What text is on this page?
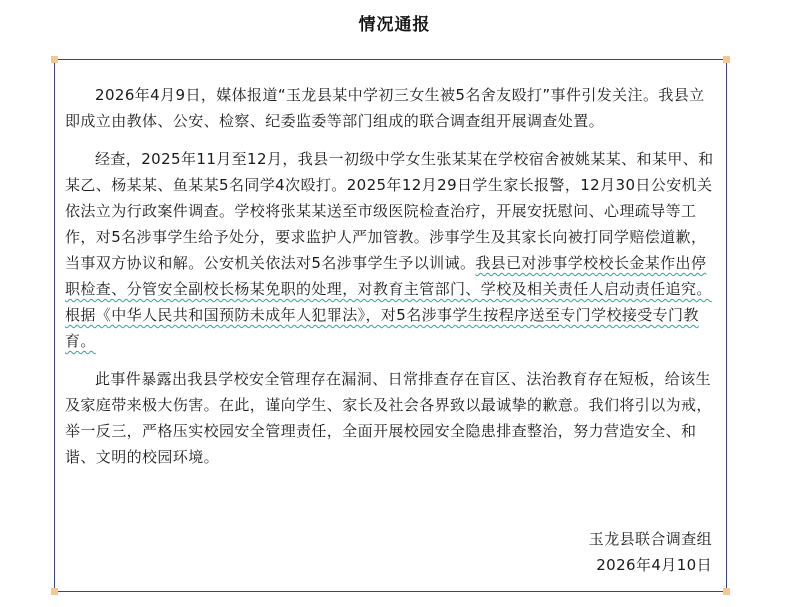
情况通报

2026年4月9日，媒体报道“玉龙县某中学初三女生被5名舍友殴打”事件引发关注。我县立即成立由教体、公安、检察、纪委监委等部门组成的联合调查组开展调查处置。

经查，2025年11月至12月，我县一初级中学女生张某某在学校宿舍被姚某某、和某甲、和某乙、杨某某、鱼某某5名同学4次殴打。2025年12月29日学生家长报警，12月30日公安机关依法立为行政案件调查。学校将张某某送至市级医院检查治疗，开展安抚慰问、心理疏导等工作，对5名涉事学生给予处分，要求监护人严加管教。涉事学生及其家长向被打同学赔偿道歉，当事双方协议和解。公安机关依法对5名涉事学生予以训诫。我县已对涉事学校校长金某作出停职检查、分管安全副校长杨某免职的处理，对教育主管部门、学校及相关责任人启动责任追究。根据《中华人民共和国预防未成年人犯罪法》，对5名涉事学生按程序送至专门学校接受专门教育。

此事件暴露出我县学校安全管理存在漏洞、日常排查存在盲区、法治教育存在短板，给该生及家庭带来极大伤害。在此，谨向学生、家长及社会各界致以最诚挚的歉意。我们将引以为戒，举一反三，严格压实校园安全管理责任，全面开展校园安全隐患排查整治，努力营造安全、和谐、文明的校园环境。

玉龙县联合调查组
2026年4月10日
